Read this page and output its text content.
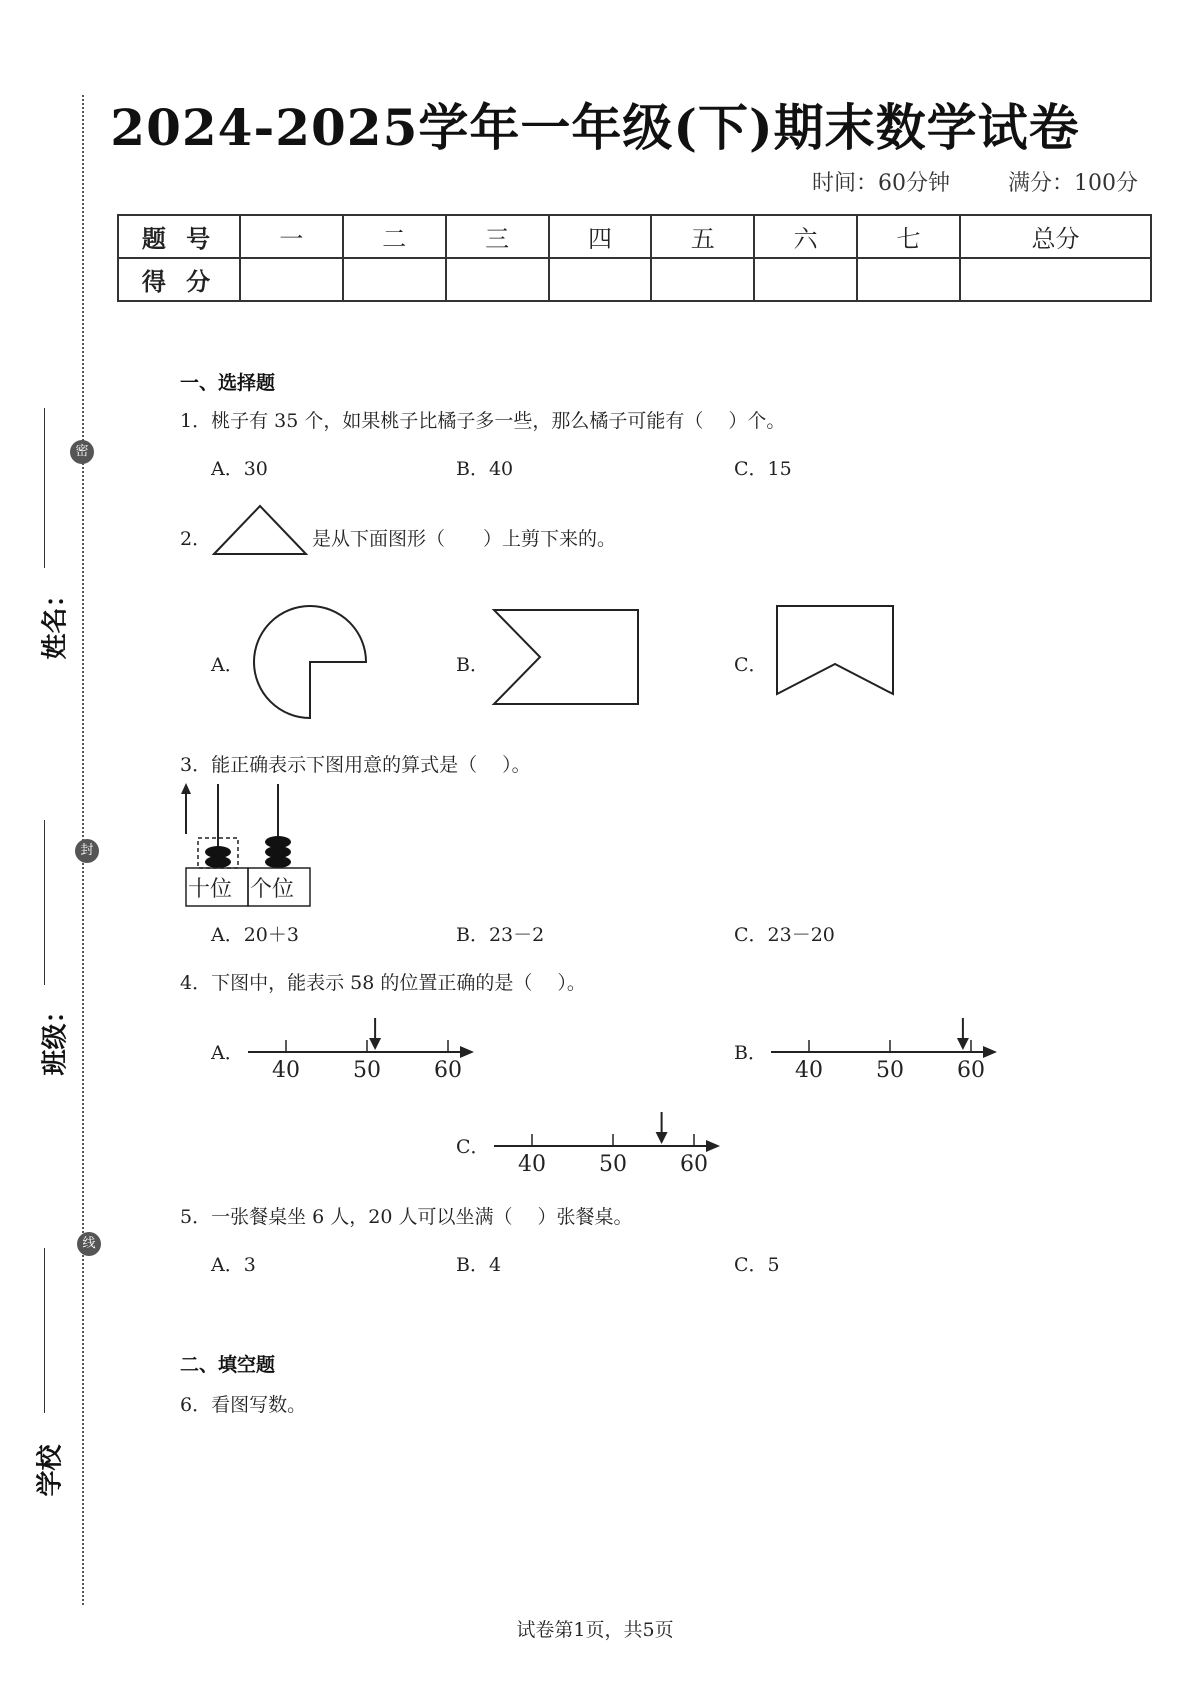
2024-2025学年一年级(下)期末数学试卷
时间：60分钟	满分：100分
题 号	一	二	三	四	五	六	七	总分
得 分								
密
封
线
姓名：
班级：
学校
一、选择题
1．桃子有 35 个，如果桃子比橘子多一些，那么橘子可能有（　 ）个。
A．30	B．40	C．15
2．	是从下面图形（　　）上剪下来的。
A．	B．	C．
3．能正确表示下图用意的算式是（　 ）。
十位 个位
A．20＋3	B．23－2	C．23－20
4．下图中，能表示 58 的位置正确的是（　 ）。
A．	B．
C．
40 50 60	40 50 60
40 50 60
5．一张餐桌坐 6 人，20 人可以坐满（　 ）张餐桌。
A．3	B．4	C．5
二、填空题
6．看图写数。
试卷第1页，共5页
